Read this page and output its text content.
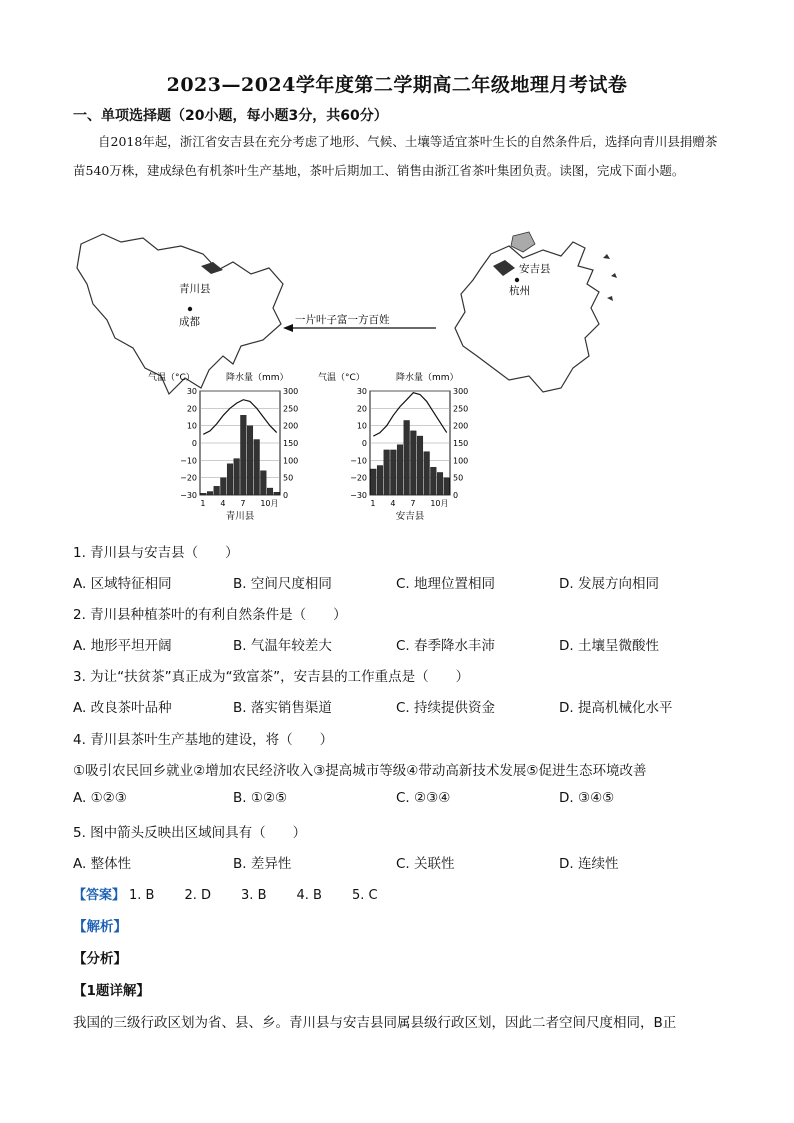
2023—2024学年度第二学期高二年级地理月考试卷
一、单项选择题（20小题，每小题3分，共60分）

自2018年起，浙江省安吉县在充分考虑了地形、气候、土壤等适宜茶叶生长的自然条件后，选择向青川县捐赠茶苗540万株，建成绿色有机茶叶生产基地，茶叶后期加工、销售由浙江省茶叶集团负责。读图，完成下面小题。

青川县
成都	一片叶子富一方百姓
安吉县
杭州
气温（°C）	降水量（mm）
30	300
20	250
10	200
0	150
−10	100
−20	50
−30	0
1 4 7 10月
青川县
气温（°C）	降水量（mm）
30	300
20	250
10	200
0	150
−10	100
−20	50
−30	0
1 4 7 10月
安吉县
1. 青川县与安吉县（　　）
A. 区域特征相同	B. 空间尺度相同	C. 地理位置相同	D. 发展方向相同
2. 青川县种植茶叶的有利自然条件是（　　）
A. 地形平坦开阔	B. 气温年较差大	C. 春季降水丰沛	D. 土壤呈微酸性
3. 为让“扶贫茶”真正成为“致富茶”，安吉县的工作重点是（　　）
A. 改良茶叶品种	B. 落实销售渠道	C. 持续提供资金	D. 提高机械化水平
4. 青川县茶叶生产基地的建设，将（　　）
①吸引农民回乡就业②增加农民经济收入③提高城市等级④带动高新技术发展⑤促进生态环境改善
A. ①②③	B. ①②⑤	C. ②③④	D. ③④⑤
5. 图中箭头反映出区域间具有（　　）
A. 整体性	B. 差异性	C. 关联性	D. 连续性
【答案】 1. B   2. D   3. B   4. B   5. C
【解析】
【分析】
【1题详解】
我国的三级行政区划为省、县、乡。青川县与安吉县同属县级行政区划，因此二者空间尺度相同，B正
